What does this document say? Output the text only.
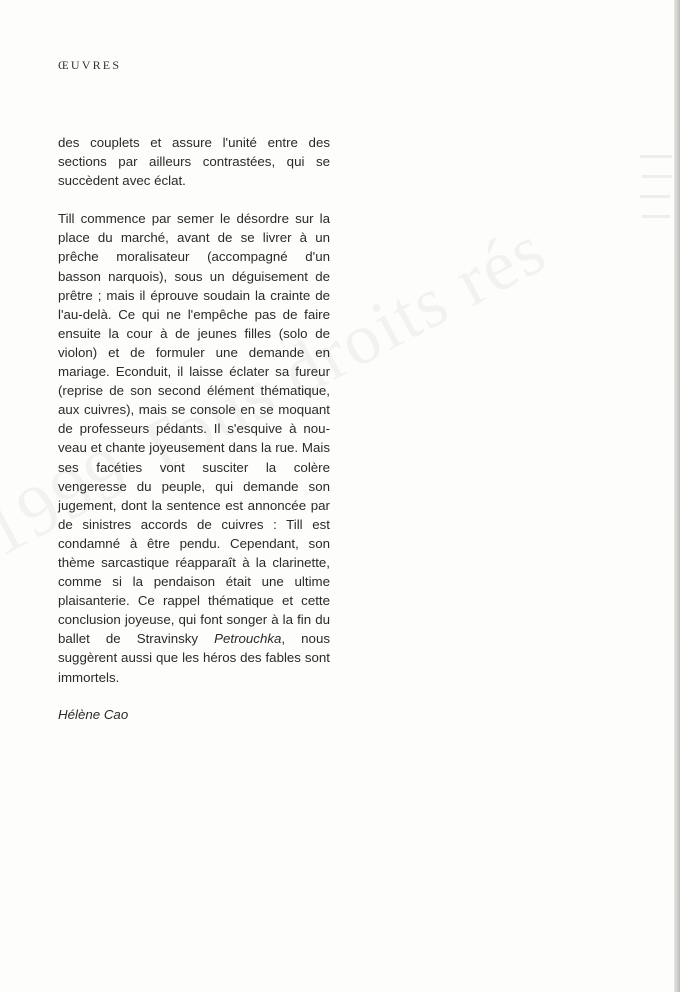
ŒUVRES

des couplets et assure l'unité entre des sections par ailleurs contrastées, qui se succèdent avec éclat.

Till commence par semer le désordre sur la place du marché, avant de se livrer à un prêche moralisateur (accompagné d'un basson narquois), sous un déguisement de prêtre ; mais il éprouve soudain la crainte de l'au-delà. Ce qui ne l'empêche pas de faire ensuite la cour à de jeunes filles (solo de violon) et de formuler une demande en mariage. Econduit, il laisse éclater sa fureur (reprise de son second élément thématique, aux cuivres), mais se console en se moquant de professeurs pédants. Il s'esquive à nouveau et chante joyeusement dans la rue. Mais ses facéties vont susciter la colère vengeresse du peuple, qui demande son jugement, dont la sentence est annoncée par de sinistres accords de cuivres : Till est condamné à être pendu. Cependant, son thème sarcastique réapparaît à la clarinette, comme si la pendaison était une ultime plaisanterie. Ce rappel thématique et cette conclusion joyeuse, qui font songer à la fin du ballet de Stravinsky Petrouchka, nous suggèrent aussi que les héros des fables sont immortels.

Hélène Cao
